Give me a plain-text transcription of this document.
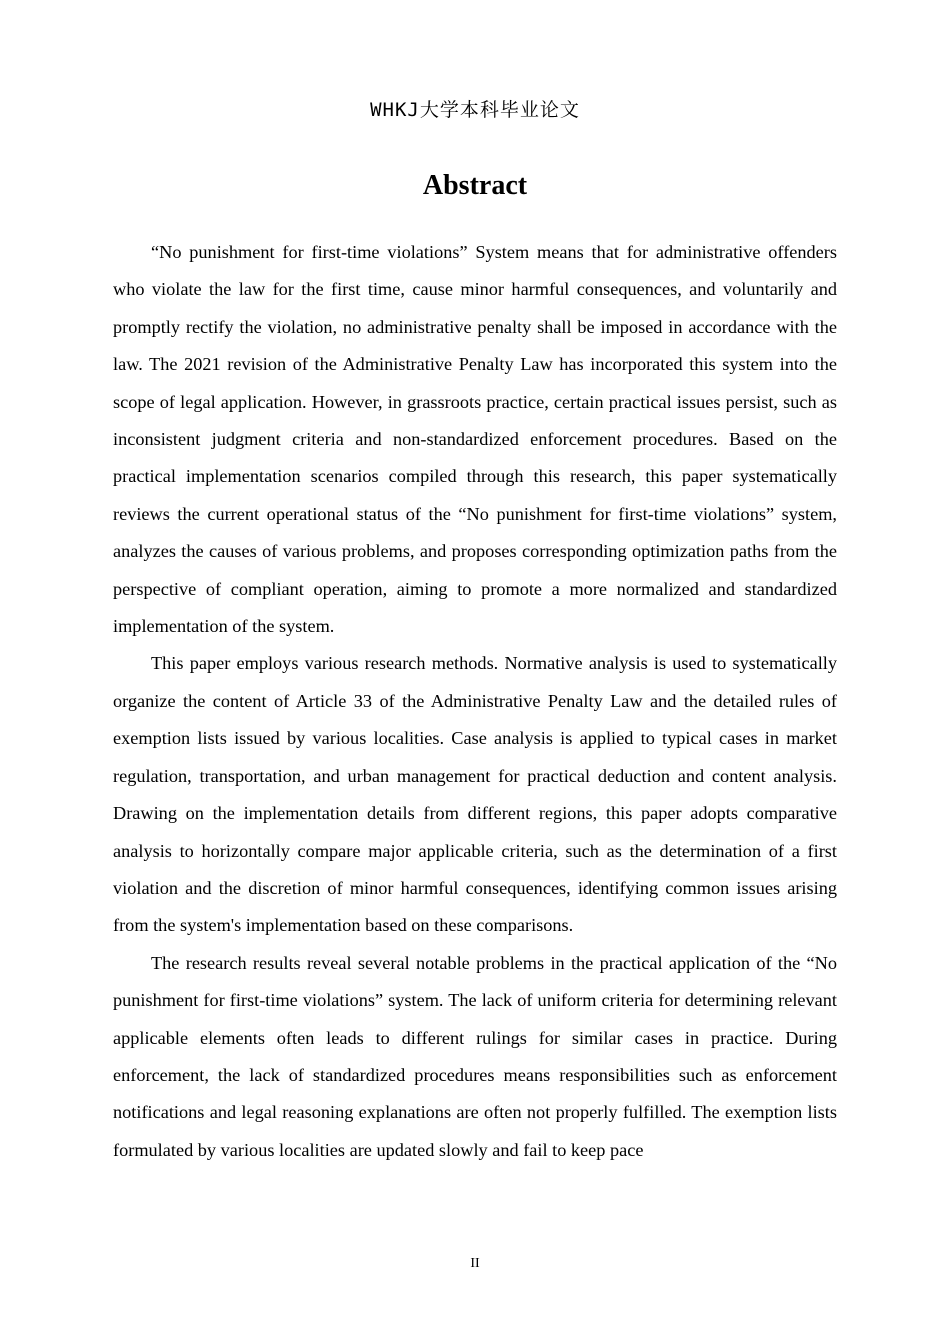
WHKJ大学本科毕业论文
Abstract

“No punishment for first-time violations” System means that for administrative offenders who violate the law for the first time, cause minor harmful consequences, and voluntarily and promptly rectify the violation, no administrative penalty shall be imposed in accordance with the law. The 2021 revision of the Administrative Penalty Law has incorporated this system into the scope of legal application. However, in grassroots practice, certain practical issues persist, such as inconsistent judgment criteria and non-standardized enforcement procedures. Based on the practical implementation scenarios compiled through this research, this paper systematically reviews the current operational status of the “No punishment for first-time violations” system, analyzes the causes of various problems, and proposes corresponding optimization paths from the perspective of compliant operation, aiming to promote a more normalized and standardized implementation of the system.

This paper employs various research methods. Normative analysis is used to systematically organize the content of Article 33 of the Administrative Penalty Law and the detailed rules of exemption lists issued by various localities. Case analysis is applied to typical cases in market regulation, transportation, and urban management for practical deduction and content analysis. Drawing on the implementation details from different regions, this paper adopts comparative analysis to horizontally compare major applicable criteria, such as the determination of a first violation and the discretion of minor harmful consequences, identifying common issues arising from the system's implementation based on these comparisons.

The research results reveal several notable problems in the practical application of the “No punishment for first-time violations” system. The lack of uniform criteria for determining relevant applicable elements often leads to different rulings for similar cases in practice. During enforcement, the lack of standardized procedures means responsibilities such as enforcement notifications and legal reasoning explanations are often not properly fulfilled. The exemption lists formulated by various localities are updated slowly and fail to keep pace

II
